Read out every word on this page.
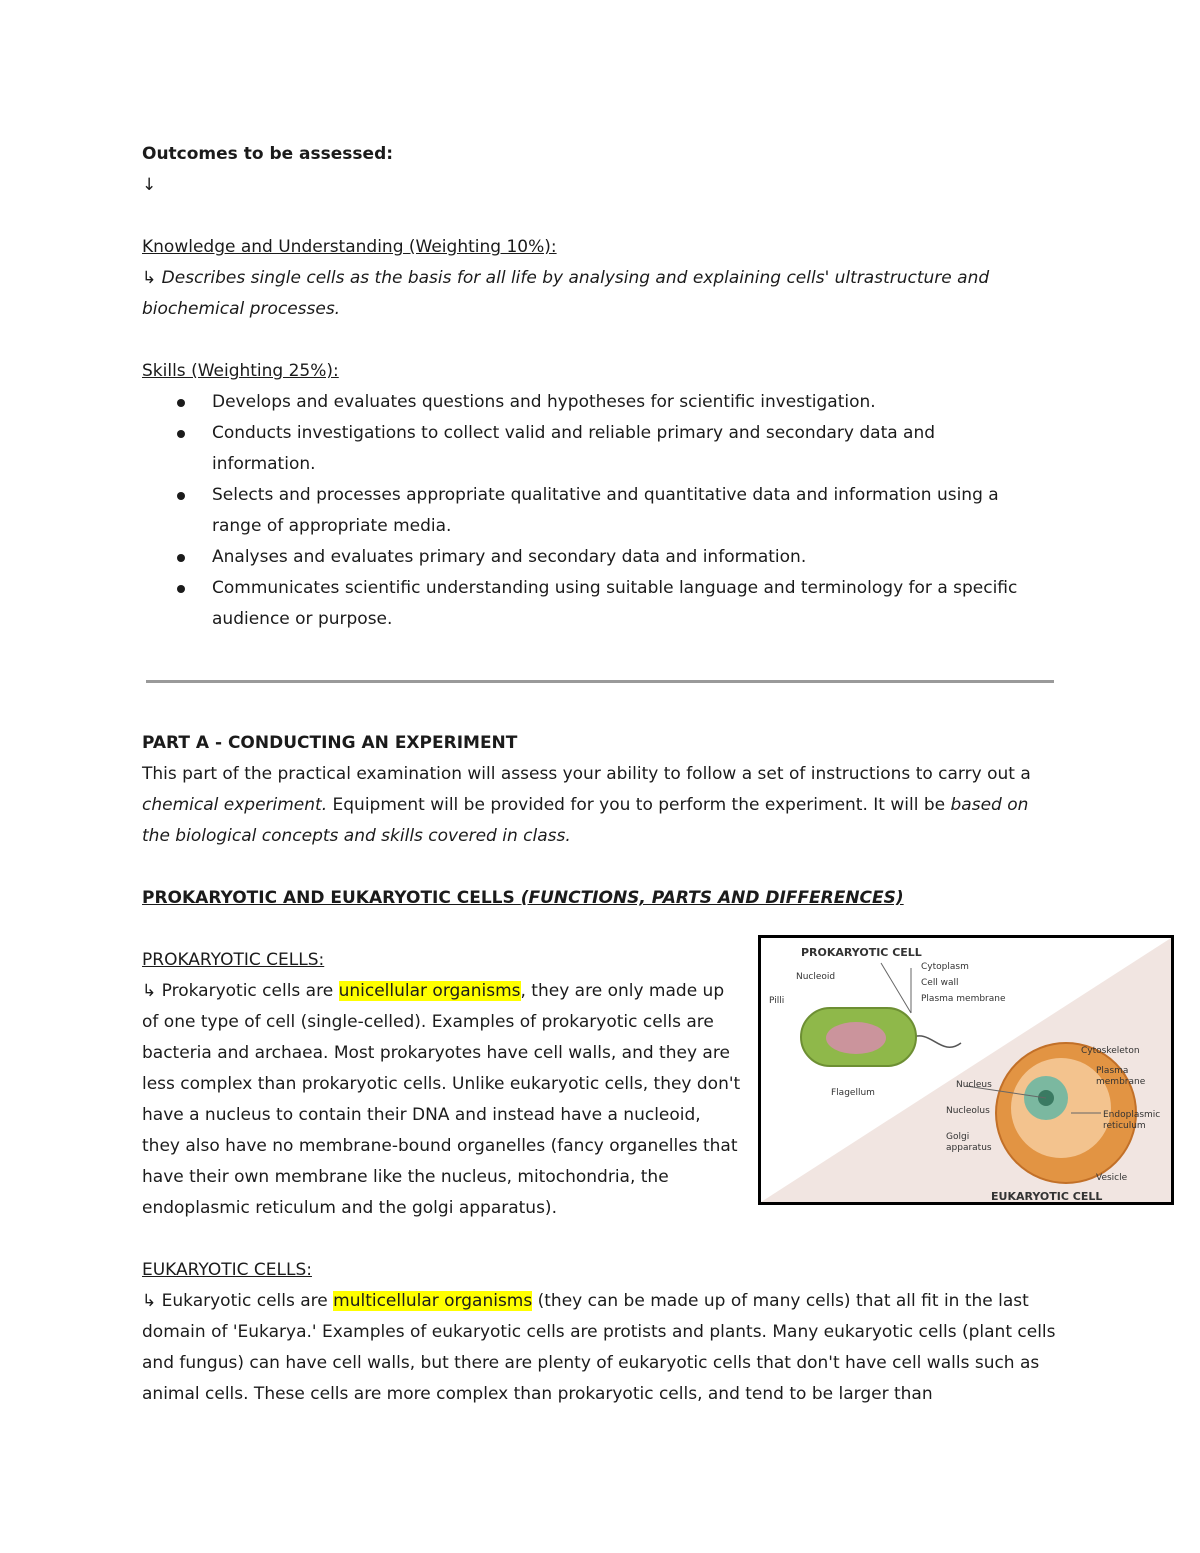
Outcomes to be assessed:

↓

Knowledge and Understanding (Weighting 10%):

↳ Describes single cells as the basis for all life by analysing and explaining cells' ultrastructure and biochemical processes.

Skills (Weighting 25%):

Develops and evaluates questions and hypotheses for scientific investigation.
Conducts investigations to collect valid and reliable primary and secondary data and information.
Selects and processes appropriate qualitative and quantitative data and information using a range of appropriate media.
Analyses and evaluates primary and secondary data and information.
Communicates scientific understanding using suitable language and terminology for a specific audience or purpose.

PART A - CONDUCTING AN EXPERIMENT

This part of the practical examination will assess your ability to follow a set of instructions to carry out a

chemical experiment. Equipment will be provided for you to perform the experiment. It will be based on

the biological concepts and skills covered in class.

PROKARYOTIC AND EUKARYOTIC CELLS (FUNCTIONS, PARTS AND DIFFERENCES)

PROKARYOTIC CELLS:

↳ Prokaryotic cells are unicellular organisms, they are only made up of one type of cell (single-celled). Examples of prokaryotic cells are bacteria and archaea. Most prokaryotes have cell walls, and they are less complex than prokaryotic cells. Unlike eukaryotic cells, they don't have a nucleus to contain their DNA and instead have a nucleoid, they also have no membrane-bound organelles (fancy organelles that have their own membrane like the nucleus, mitochondria, the endoplasmic reticulum and the golgi apparatus).

EUKARYOTIC CELLS:

↳ Eukaryotic cells are multicellular organisms (they can be made up of many cells) that all fit in the last domain of 'Eukarya.' Examples of eukaryotic cells are protists and plants. Many eukaryotic cells (plant cells and fungus) can have cell walls, but there are plenty of eukaryotic cells that don't have cell walls such as animal cells. These cells are more complex than prokaryotic cells, and tend to be larger than

PROKARYOTIC CELL
Nucleoid
Pilli
Cytoplasm
Cell wall
Plasma membrane
Flagellum
Cytoskeleton
Plasma membrane
Nucleus
Nucleolus	Endoplasmic reticulum
Golgi apparatus
Vesicle
EUKARYOTIC CELL
